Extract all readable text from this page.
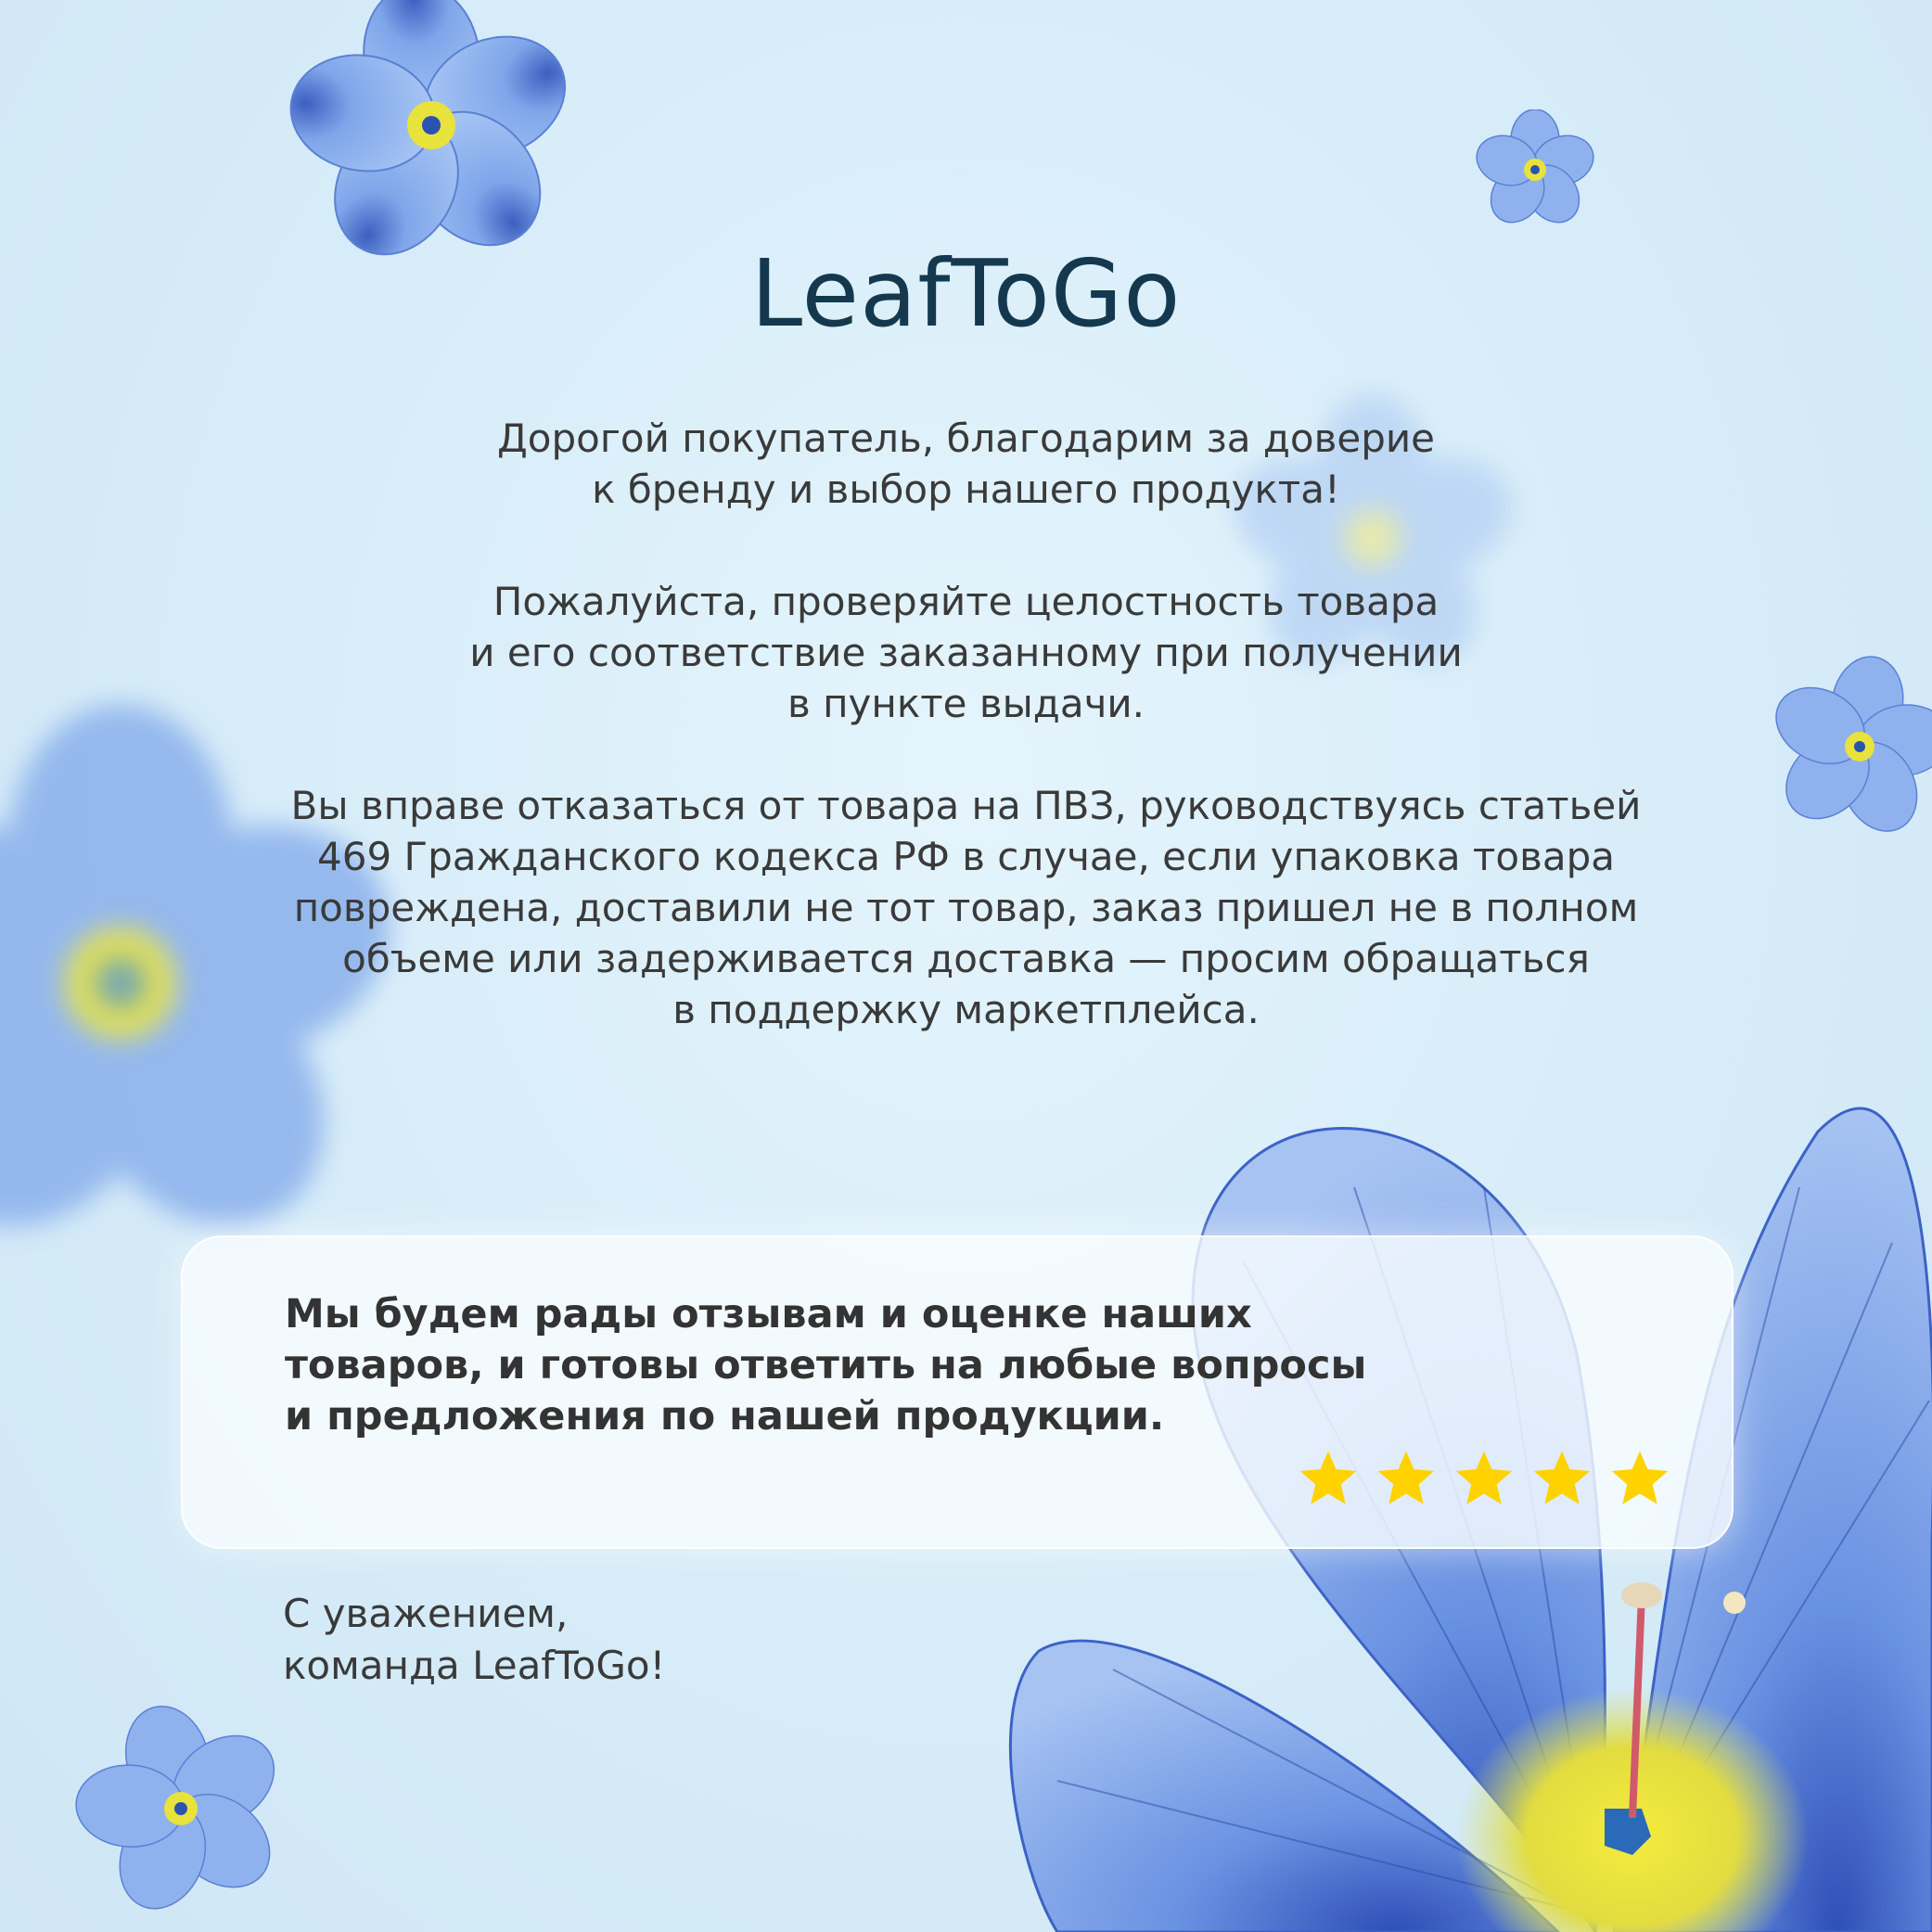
LeafToGo
Дорогой покупатель, благодарим за доверие
к бренду и выбор нашего продукта!
Пожалуйста, проверяйте целостность товара
и его соответствие заказанному при получении
в пункте выдачи.
Вы вправе отказаться от товара на ПВЗ, руководствуясь статьей
469 Гражданского кодекса РФ в случае, если упаковка товара
повреждена, доставили не тот товар, заказ пришел не в полном
объеме или задерживается доставка — просим обращаться
в поддержку маркетплейса.
Мы будем рады отзывам и оценке наших
товаров, и готовы ответить на любые вопросы
и предложения по нашей продукции.
С уважением,
команда LeafToGo!
